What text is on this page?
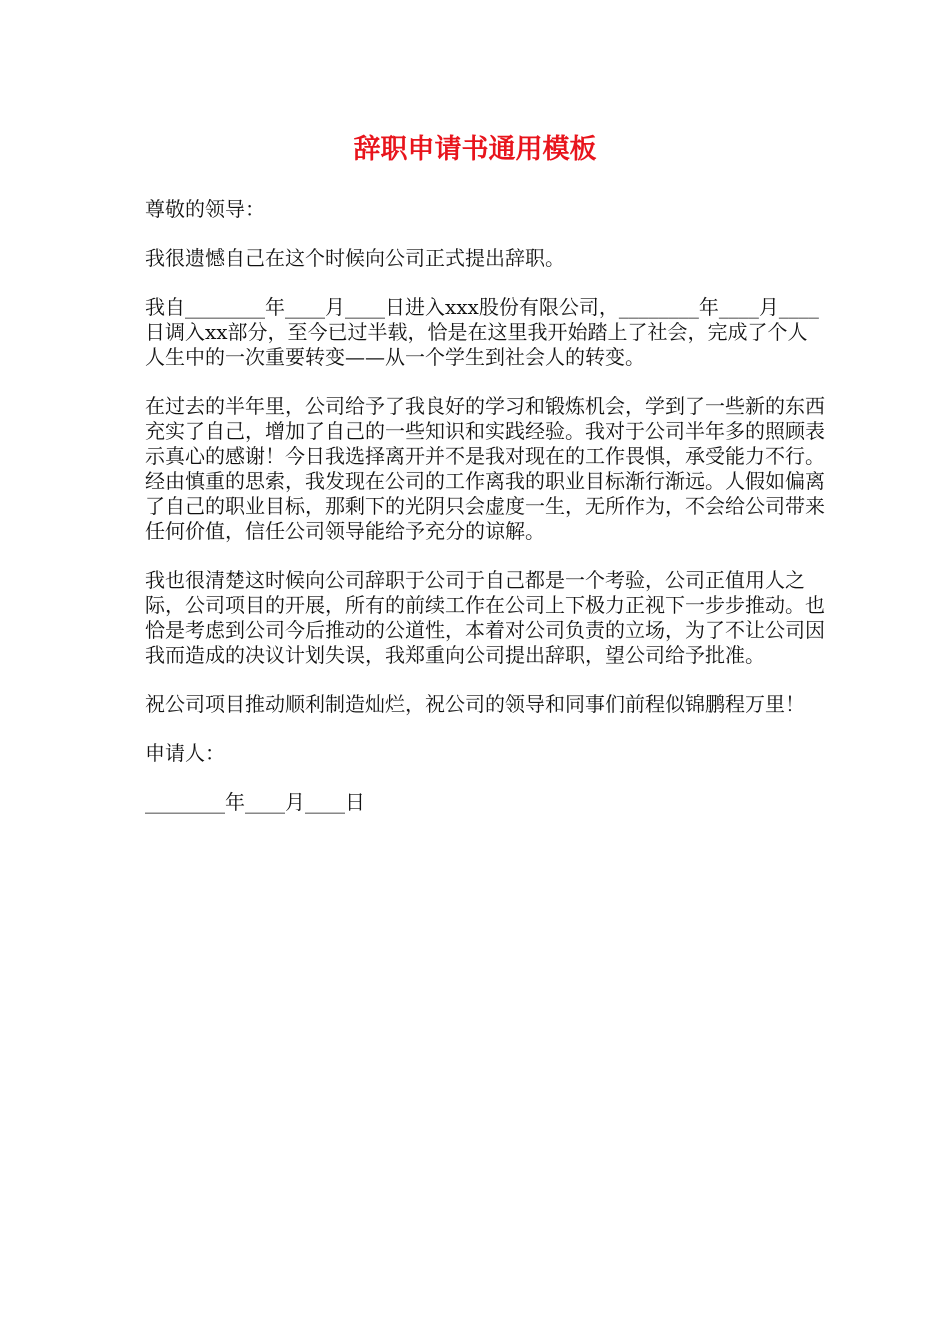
辞职申请书通用模板

尊敬的领导：

我很遗憾自己在这个时候向公司正式提出辞职。

我自________年____月____日进入xxx股份有限公司，________年____月____日调入xx部分，至今已过半载，恰是在这里我开始踏上了社会，完成了个人人生中的一次重要转变——从一个学生到社会人的转变。

在过去的半年里，公司给予了我良好的学习和锻炼机会，学到了一些新的东西充实了自己，增加了自己的一些知识和实践经验。我对于公司半年多的照顾表示真心的感谢！今日我选择离开并不是我对现在的工作畏惧，承受能力不行。经由慎重的思索，我发现在公司的工作离我的职业目标渐行渐远。人假如偏离了自己的职业目标，那剩下的光阴只会虚度一生，无所作为，不会给公司带来任何价值，信任公司领导能给予充分的谅解。

我也很清楚这时候向公司辞职于公司于自己都是一个考验，公司正值用人之际，公司项目的开展，所有的前续工作在公司上下极力正视下一步步推动。也恰是考虑到公司今后推动的公道性，本着对公司负责的立场，为了不让公司因我而造成的决议计划失误，我郑重向公司提出辞职，望公司给予批准。

祝公司项目推动顺利制造灿烂，祝公司的领导和同事们前程似锦鹏程万里！

申请人：

________年____月____日
